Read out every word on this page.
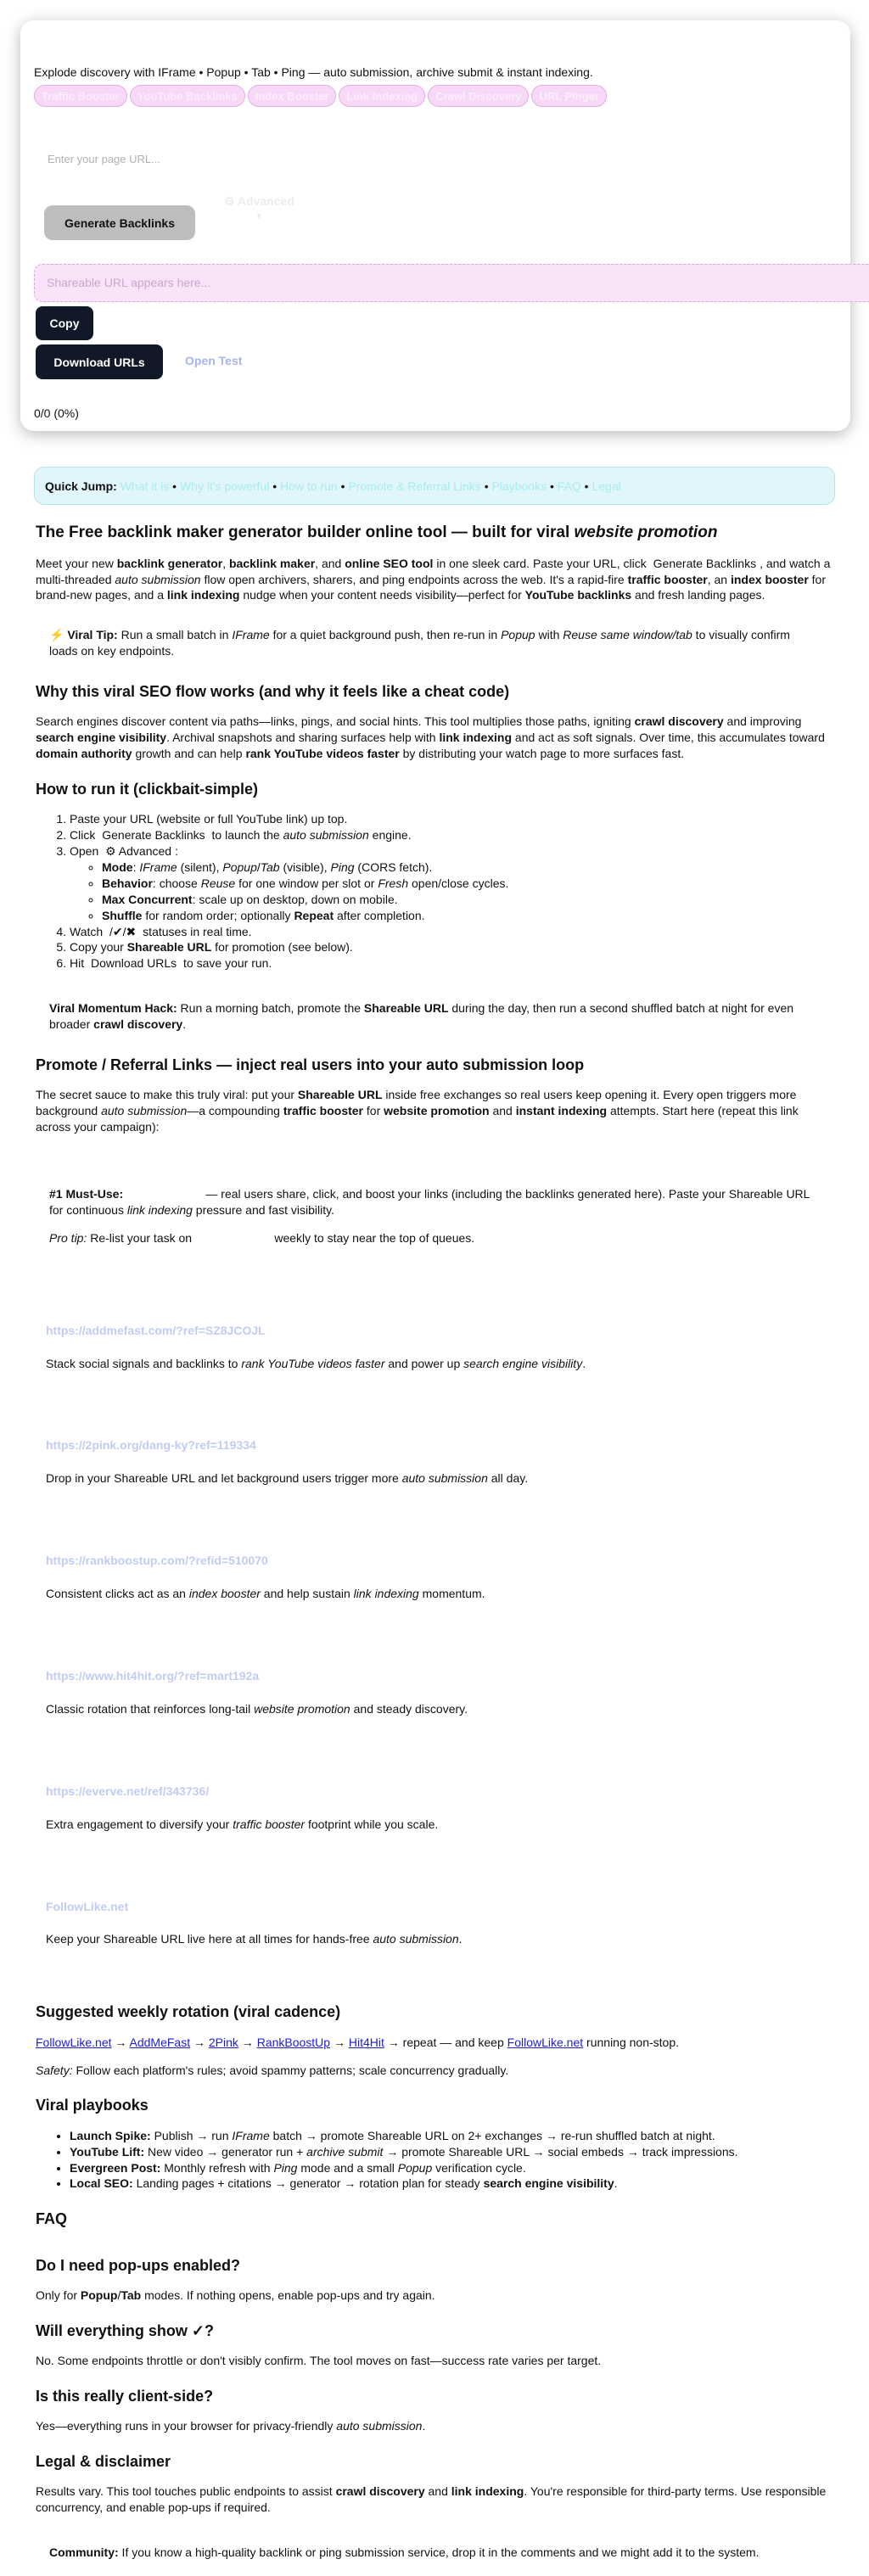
Explode discovery with IFrame • Popup • Tab • Ping — auto submission, archive submit & instant indexing.
Traffic Booster	YouTube Backlinks	Index Booster	Link Indexing	Crawl Discovery	URL Pinger
Enter your page URL...
Generate Backlinks
⚙ Advanced
▼
Shareable URL appears here...
Copy
Download URLs	Open Test
0/0 (0%)
Quick Jump: What it is • Why it's powerful • How to run • Promote & Referral Links • Playbooks • FAQ • Legal
The Free backlink maker generator builder online tool — built for viral website promotion

Meet your new backlink generator, backlink maker, and online SEO tool in one sleek card. Paste your URL, click Generate Backlinks , and watch a multi-threaded auto submission flow open archivers, sharers, and ping endpoints across the web. It's a rapid-fire traffic booster, an index booster for brand-new pages, and a link indexing nudge when your content needs visibility—perfect for YouTube backlinks and fresh landing pages.

⚡ Viral Tip: Run a small batch in IFrame for a quiet background push, then re-run in Popup with Reuse same window/tab to visually confirm loads on key endpoints.
Why this viral SEO flow works (and why it feels like a cheat code)

Search engines discover content via paths—links, pings, and social hints. This tool multiplies those paths, igniting crawl discovery and improving search engine visibility. Archival snapshots and sharing surfaces help with link indexing and act as soft signals. Over time, this accumulates toward domain authority growth and can help rank YouTube videos faster by distributing your watch page to more surfaces fast.

How to run it (clickbait-simple)
1. Paste your URL (website or full YouTube link) up top.
2. Click Generate Backlinks to launch the auto submission engine.
3. Open ⚙ Advanced :
◦ Mode: IFrame (silent), Popup/Tab (visible), Ping (CORS fetch).
◦ Behavior: choose Reuse for one window per slot or Fresh open/close cycles.
◦ Max Concurrent: scale up on desktop, down on mobile.
◦ Shuffle for random order; optionally Repeat after completion.
4. Watch /✔/✖ statuses in real time.
5. Copy your Shareable URL for promotion (see below).
6. Hit Download URLs to save your run.
Viral Momentum Hack: Run a morning batch, promote the Shareable URL during the day, then run a second shuffled batch at night for even broader crawl discovery.
Promote / Referral Links — inject real users into your auto submission loop

The secret sauce to make this truly viral: put your Shareable URL inside free exchanges so real users keep opening it. Every open triggers more background auto submission—a compounding traffic booster for website promotion and instant indexing attempts. Start here (repeat this link across your campaign):

#1 Must-Use: FollowLike.net — real users share, click, and boost your links (including the backlinks generated here). Paste your Shareable URL for continuous link indexing pressure and fast visibility.

Pro tip: Re-list your task on FollowLike.net weekly to stay near the top of queues.

https://addmefast.com/?ref=SZ8JCOJL

Stack social signals and backlinks to rank YouTube videos faster and power up search engine visibility.

https://2pink.org/dang-ky?ref=119334

Drop in your Shareable URL and let background users trigger more auto submission all day.

https://rankboostup.com/?refid=510070

Consistent clicks act as an index booster and help sustain link indexing momentum.

https://www.hit4hit.org/?ref=mart192a

Classic rotation that reinforces long-tail website promotion and steady discovery.

https://everve.net/ref/343736/

Extra engagement to diversify your traffic booster footprint while you scale.

FollowLike.net

Keep your Shareable URL live here at all times for hands-free auto submission.

Suggested weekly rotation (viral cadence)

FollowLike.net → AddMeFast → 2Pink → RankBoostUp → Hit4Hit → repeat — and keep FollowLike.net running non-stop.

Safety: Follow each platform's rules; avoid spammy patterns; scale concurrency gradually.

Viral playbooks
• Launch Spike: Publish → run IFrame batch → promote Shareable URL on 2+ exchanges → re-run shuffled batch at night.
• YouTube Lift: New video → generator run + archive submit → promote Shareable URL → social embeds → track impressions.
• Evergreen Post: Monthly refresh with Ping mode and a small Popup verification cycle.
• Local SEO: Landing pages + citations → generator → rotation plan for steady search engine visibility.
FAQ
Do I need pop-ups enabled?

Only for Popup/Tab modes. If nothing opens, enable pop-ups and try again.

Will everything show ✓?

No. Some endpoints throttle or don't visibly confirm. The tool moves on fast—success rate varies per target.

Is this really client-side?

Yes—everything runs in your browser for privacy-friendly auto submission.

Legal & disclaimer

Results vary. This tool touches public endpoints to assist crawl discovery and link indexing. You're responsible for third-party terms. Use responsible concurrency, and enable pop-ups if required.

Community: If you know a high-quality backlink or ping submission service, drop it in the comments and we might add it to the system.
